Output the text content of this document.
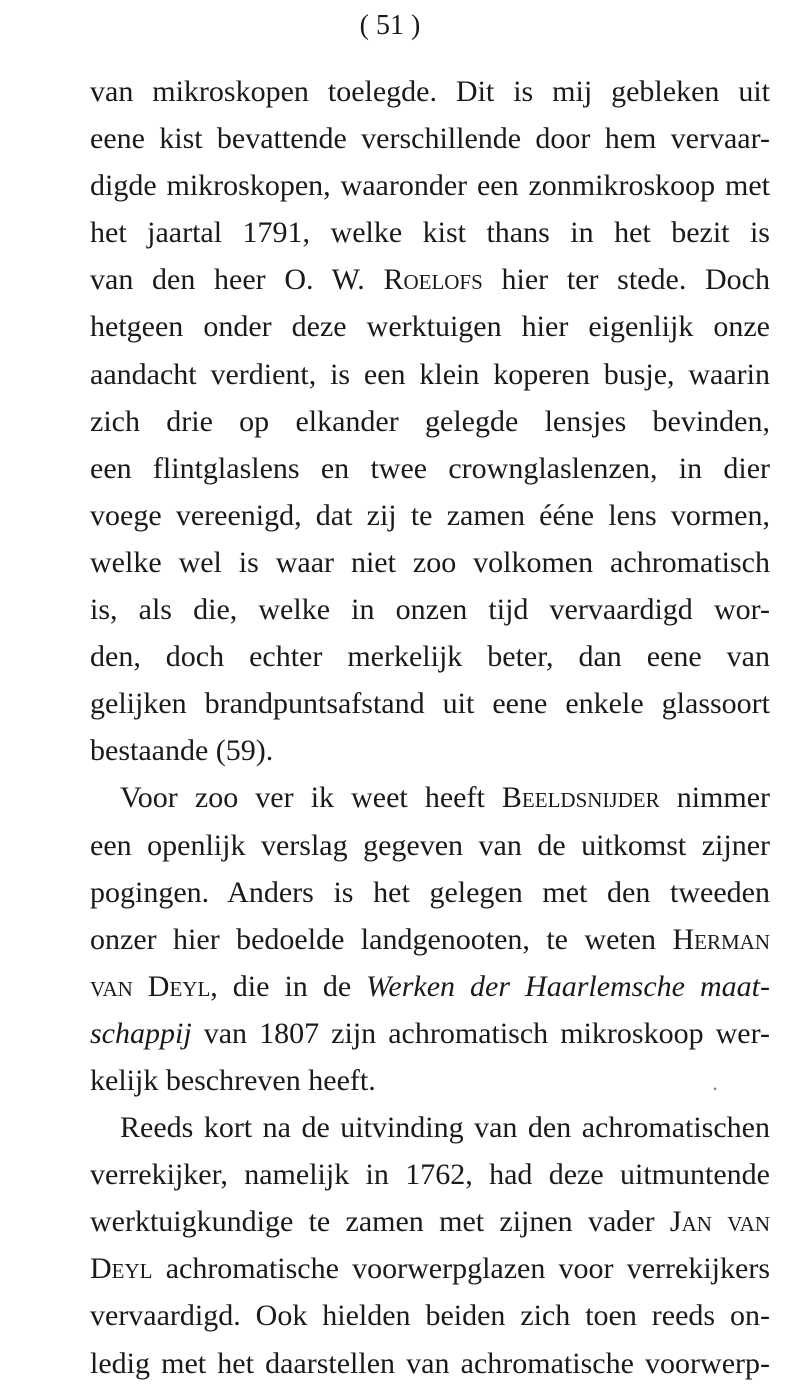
( 51 )
van mikroskopen toelegde. Dit is mij gebleken uit
eene kist bevattende verschillende door hem vervaar-
digde mikroskopen, waaronder een zonmikroskoop met
het jaartal 1791, welke kist thans in het bezit is
van den heer O. W. Roelofs hier ter stede. Doch
hetgeen onder deze werktuigen hier eigenlijk onze
aandacht verdient, is een klein koperen busje, waarin
zich drie op elkander gelegde lensjes bevinden,
een flintglaslens en twee crownglaslenzen, in dier
voege vereenigd, dat zij te zamen ééne lens vormen,
welke wel is waar niet zoo volkomen achromatisch
is, als die, welke in onzen tijd vervaardigd wor-
den, doch echter merkelijk beter, dan eene van
gelijken brandpuntsafstand uit eene enkele glassoort
bestaande (59).
Voor zoo ver ik weet heeft Beeldsnijder nimmer
een openlijk verslag gegeven van de uitkomst zijner
pogingen. Anders is het gelegen met den tweeden
onzer hier bedoelde landgenooten, te weten Herman
van Deyl, die in de Werken der Haarlemsche maat-
schappij van 1807 zijn achromatisch mikroskoop wer-
kelijk beschreven heeft.
Reeds kort na de uitvinding van den achromatischen
verrekijker, namelijk in 1762, had deze uitmuntende
werktuigkundige te zamen met zijnen vader Jan van
Deyl achromatische voorwerpglazen voor verrekijkers
vervaardigd. Ook hielden beiden zich toen reeds on-
ledig met het daarstellen van achromatische voorwerp-
•
